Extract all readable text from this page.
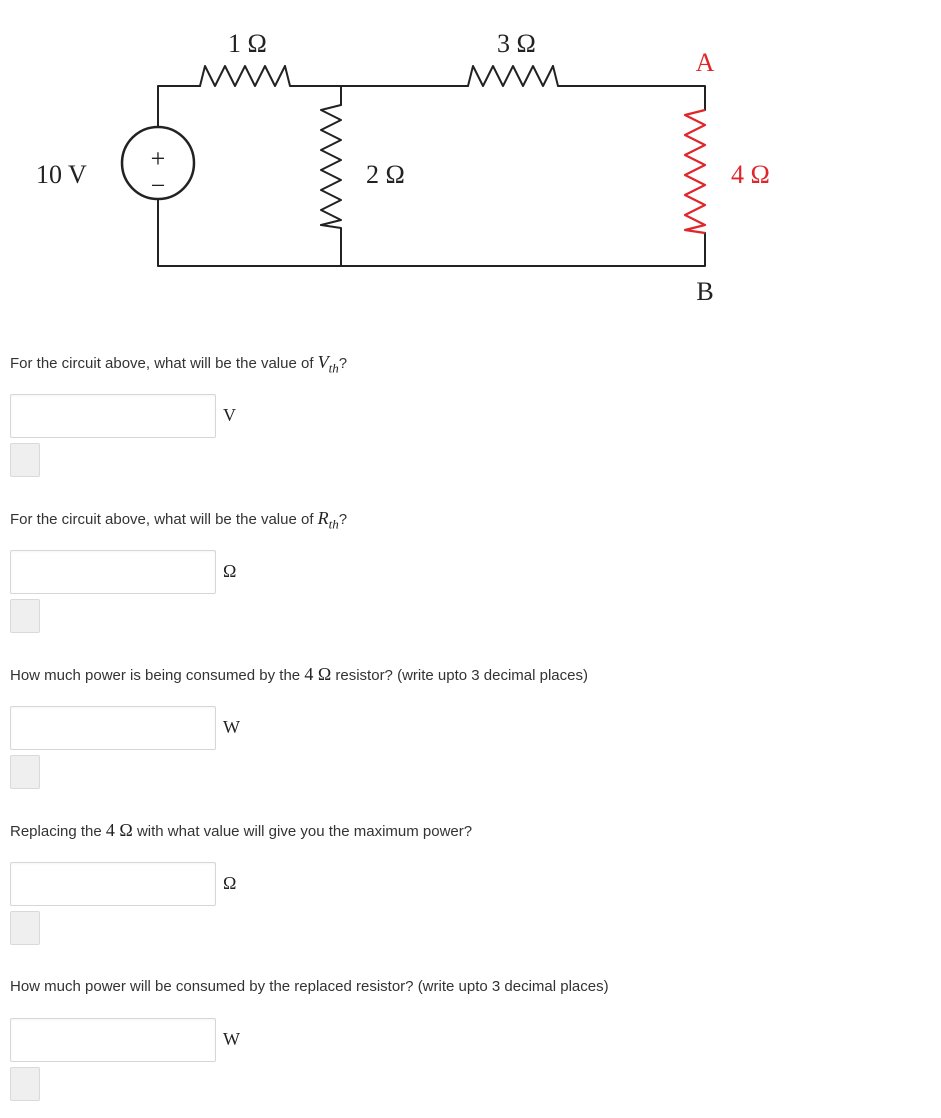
+
−
10 V
1 Ω	3 Ω
2 Ω	4 Ω
A
B
For the circuit above, what will be the value of $V_{th}$?
V
For the circuit above, what will be the value of $R_{th}$?
Ω
How much power is being consumed by the 4 Ω resistor? (write upto 3 decimal places)
W
Replacing the 4 Ω with what value will give you the maximum power?
Ω
How much power will be consumed by the replaced resistor? (write upto 3 decimal places)
W
